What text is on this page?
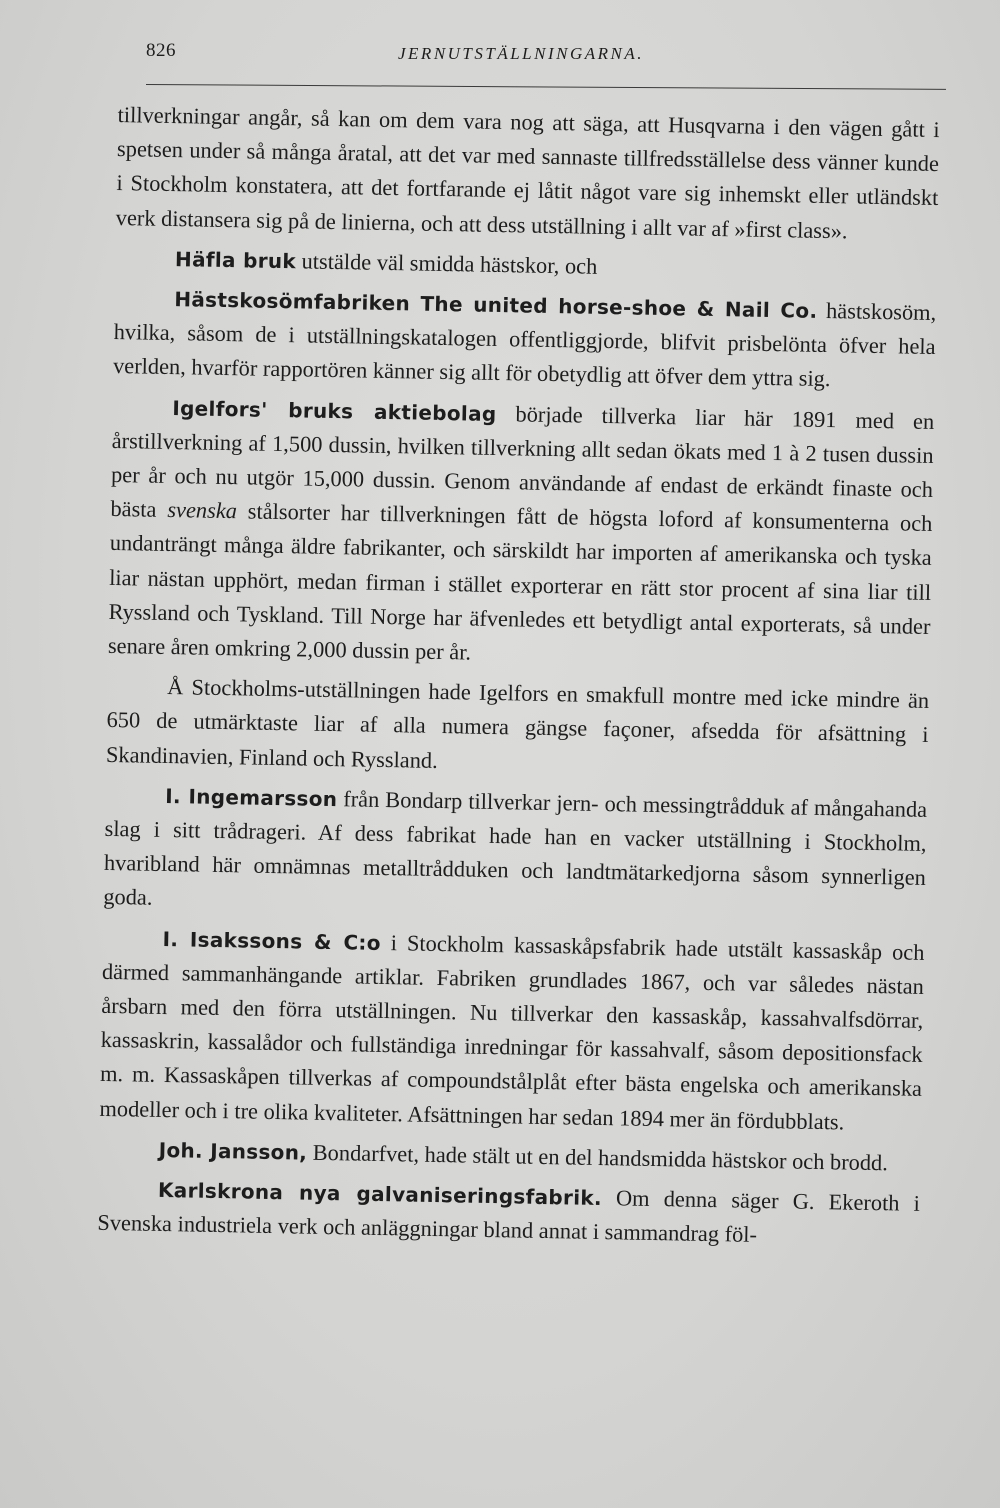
826	JERNUTSTÄLLNINGARNA.

tillverkningar angår, så kan om dem vara nog att säga, att Husqvarna i den vägen gått i spetsen under så många åratal, att det var med sannaste tillfredsställelse dess vänner kunde i Stockholm konstatera, att det fortfarande ej låtit något vare sig inhemskt eller utländskt verk distansera sig på de linierna, och att dess utställning i allt var af »first class».

Häfla bruk utstälde väl smidda hästskor, och

Hästskosömfabriken The united horse-shoe & Nail Co. hästskosöm, hvilka, såsom de i utställningskatalogen offentliggjorde, blifvit prisbelönta öfver hela verlden, hvarför rapportören känner sig allt för obetydlig att öfver dem yttra sig.

Igelfors' bruks aktiebolag började tillverka liar här 1891 med en årstillverkning af 1,500 dussin, hvilken tillverkning allt sedan ökats med 1 à 2 tusen dussin per år och nu utgör 15,000 dussin. Genom användande af endast de erkändt finaste och bästa svenska stålsorter har tillverkningen fått de högsta loford af konsumenterna och undanträngt många äldre fabrikanter, och särskildt har importen af amerikanska och tyska liar nästan upphört, medan firman i stället exporterar en rätt stor procent af sina liar till Ryssland och Tyskland. Till Norge har äfvenledes ett betydligt antal exporterats, så under senare åren omkring 2,000 dussin per år.

Å Stockholms-utställningen hade Igelfors en smakfull montre med icke mindre än 650 de utmärktaste liar af alla numera gängse façoner, afsedda för afsättning i Skandinavien, Finland och Ryssland.

I. Ingemarsson från Bondarp tillverkar jern- och messingtrådduk af mångahanda slag i sitt trådrageri. Af dess fabrikat hade han en vacker utställning i Stockholm, hvaribland här omnämnas metalltrådduken och landtmätarkedjorna såsom synnerligen goda.

I. Isakssons & C:o i Stockholm kassaskåpsfabrik hade utstält kassaskåp och därmed sammanhängande artiklar. Fabriken grundlades 1867, och var således nästan årsbarn med den förra utställningen. Nu tillverkar den kassaskåp, kassahvalfsdörrar, kassaskrin, kassalådor och fullständiga inredningar för kassahvalf, såsom depositionsfack m. m. Kassaskåpen tillverkas af compoundstålplåt efter bästa engelska och amerikanska modeller och i tre olika kvaliteter. Afsättningen har sedan 1894 mer än fördubblats.

Joh. Jansson, Bondarfvet, hade stält ut en del handsmidda hästskor och brodd.

Karlskrona nya galvaniseringsfabrik. Om denna säger G. Ekeroth i Svenska industriela verk och anläggningar bland annat i sammandrag föl-
